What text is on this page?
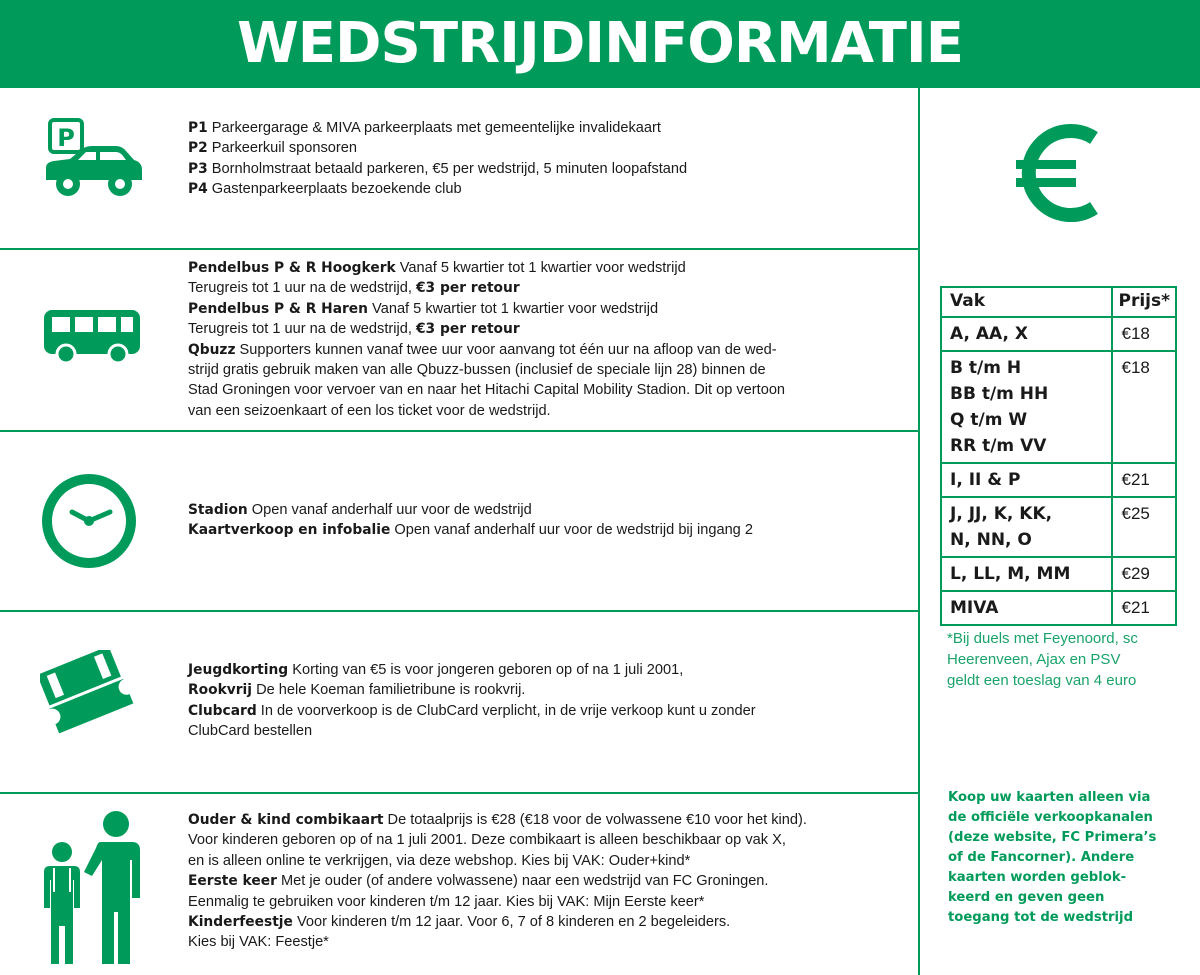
WEDSTRIJDINFORMATIE
P	P1 Parkeergarage & MIVA parkeerplaats met gemeentelijke invalidekaart
P2 Parkeerkuil sponsoren
P3 Bornholmstraat betaald parkeren, €5 per wedstrijd, 5 minuten loopafstand
P4 Gastenparkeerplaats bezoekende club
Pendelbus P & R Hoogkerk Vanaf 5 kwartier tot 1 kwartier voor wedstrijd
Terugreis tot 1 uur na de wedstrijd, €3 per retour
Pendelbus P & R Haren Vanaf 5 kwartier tot 1 kwartier voor wedstrijd
Terugreis tot 1 uur na de wedstrijd, €3 per retour
Qbuzz Supporters kunnen vanaf twee uur voor aanvang tot één uur na afloop van de wed-
strijd gratis gebruik maken van alle Qbuzz-bussen (inclusief de speciale lijn 28) binnen de
Stad Groningen voor vervoer van en naar het Hitachi Capital Mobility Stadion. Dit op vertoon
van een seizoenkaart of een los ticket voor de wedstrijd.
Stadion Open vanaf anderhalf uur voor de wedstrijd
Kaartverkoop en infobalie Open vanaf anderhalf uur voor de wedstrijd bij ingang 2
Jeugdkorting Korting van €5 is voor jongeren geboren op of na 1 juli 2001,
Rookvrij De hele Koeman familietribune is rookvrij.
Clubcard In de voorverkoop is de ClubCard verplicht, in de vrije verkoop kunt u zonder
ClubCard bestellen
Ouder & kind combikaart De totaalprijs is €28 (€18 voor de volwassene €10 voor het kind).
Voor kinderen geboren op of na 1 juli 2001. Deze combikaart is alleen beschikbaar op vak X,
en is alleen online te verkrijgen, via deze webshop. Kies bij VAK: Ouder+kind*
Eerste keer Met je ouder (of andere volwassene) naar een wedstrijd van FC Groningen.
Eenmalig te gebruiken voor kinderen t/m 12 jaar. Kies bij VAK: Mijn Eerste keer*
Kinderfeestje Voor kinderen t/m 12 jaar. Voor 6, 7 of 8 kinderen en 2 begeleiders.
Kies bij VAK: Feestje*
Vak	Prijs*

A, AA, X	€18

B t/m H
BB t/m HH
Q t/m W
RR t/m VV	€18

I, II & P	€21

J, JJ, K, KK,
N, NN, O	€25

L, LL, M, MM	€29

MIVA	€21
*Bij duels met Feyenoord, sc
Heerenveen, Ajax en PSV
geldt een toeslag van 4 euro
Koop uw kaarten alleen via
de officiële verkoopkanalen
(deze website, FC Primera’s
of de Fancorner). Andere
kaarten worden geblok-
keerd en geven geen
toegang tot de wedstrijd
